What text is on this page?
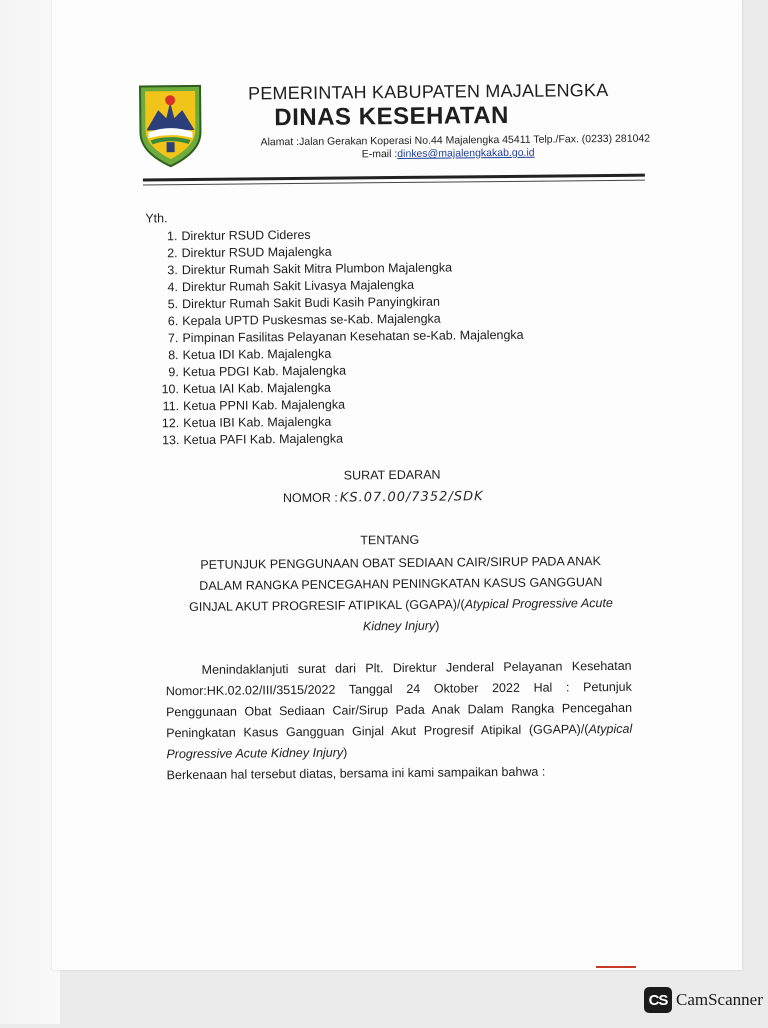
PEMERINTAH KABUPATEN MAJALENGKA
DINAS KESEHATAN
Alamat :Jalan Gerakan Koperasi No.44 Majalengka 45411 Telp./Fax. (0233) 281042
E-mail :dinkes@majalengkakab.go.id
Yth.
1. Direktur RSUD Cideres
2. Direktur RSUD Majalengka
3. Direktur Rumah Sakit Mitra Plumbon Majalengka
4. Direktur Rumah Sakit Livasya Majalengka
5. Direktur Rumah Sakit Budi Kasih Panyingkiran
6. Kepala UPTD Puskesmas se-Kab. Majalengka
7. Pimpinan Fasilitas Pelayanan Kesehatan se-Kab. Majalengka
8. Ketua IDI Kab. Majalengka
9. Ketua PDGI Kab. Majalengka
10. Ketua IAI Kab. Majalengka
11. Ketua PPNI Kab. Majalengka
12. Ketua IBI Kab. Majalengka
13. Ketua PAFI Kab. Majalengka
SURAT EDARAN
NOMOR : KS.07.00/7352/SDK
TENTANG
PETUNJUK PENGGUNAAN OBAT SEDIAAN CAIR/SIRUP PADA ANAK
DALAM RANGKA PENCEGAHAN PENINGKATAN KASUS GANGGUAN
GINJAL AKUT PROGRESIF ATIPIKAL (GGAPA)/(Atypical Progressive Acute
Kidney Injury)
Menindaklanjuti surat dari Plt. Direktur Jenderal Pelayanan Kesehatan Nomor:HK.02.02/III/3515/2022 Tanggal 24 Oktober 2022 Hal : Petunjuk Penggunaan Obat Sediaan Cair/Sirup Pada Anak Dalam Rangka Pencegahan Peningkatan Kasus Gangguan Ginjal Akut Progresif Atipikal (GGAPA)/(Atypical Progressive Acute Kidney Injury)
Berkenaan hal tersebut diatas, bersama ini kami sampaikan bahwa :
CS CamScanner
